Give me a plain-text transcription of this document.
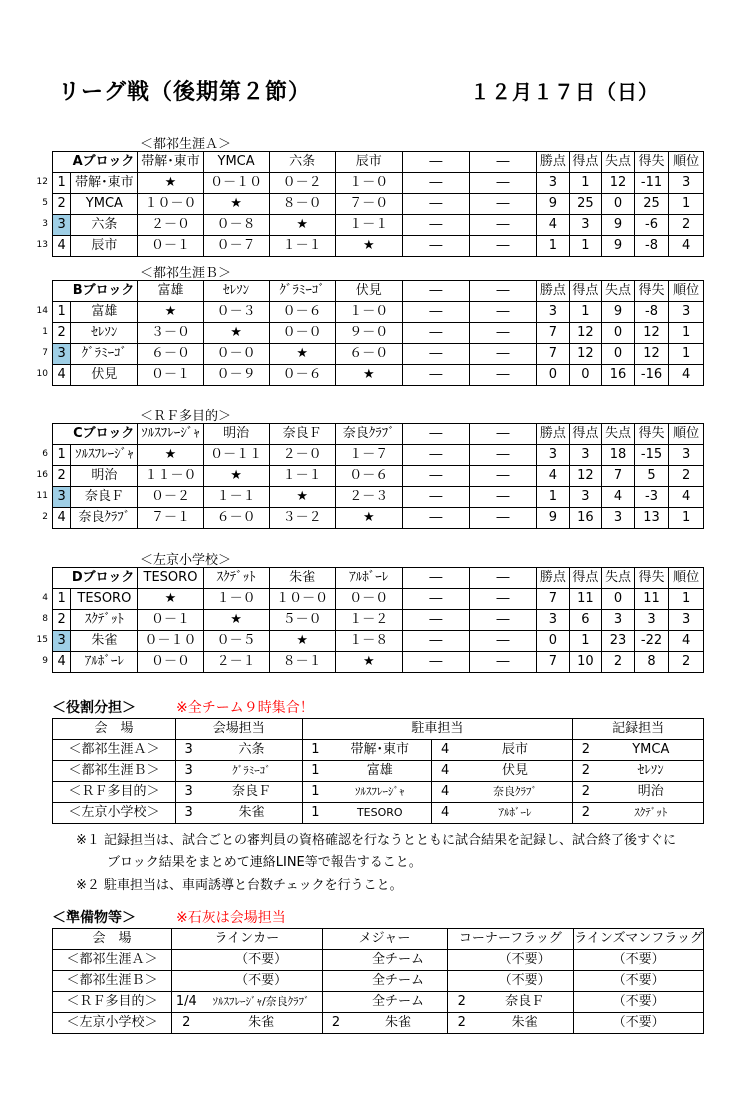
リーグ戦（後期第２節）	１２月１７日（日）
＜都祁生涯Ａ＞
Aブロック		帯解･東市	YMCA	六条	辰市	―	―	勝点	得点	失点	得失	順位
1	帯解･東市	★	０－１０	０－２	１－０	―	―	3	1	12	-11	3
2	YMCA	１０－０	★	８－０	７－０	―	―	9	25	0	25	1
3	六条	２－０	０－８	★	１－１	―	―	4	3	9	-6	2
4	辰市	０－１	０－７	１－１	★	―	―	1	1	9	-8	4
12
5
3
13
＜都祁生涯Ｂ＞
Bブロック		富雄	ｾﾚｿﾝ	ｸﾞﾗﾐｰｺﾞ	伏見	―	―	勝点	得点	失点	得失	順位
1	富雄	★	０－３	０－６	１－０	―	―	3	1	9	-8	3
2	ｾﾚｿﾝ	３－０	★	０－０	９－０	―	―	7	12	0	12	1
3	ｸﾞﾗﾐｰｺﾞ	６－０	０－０	★	６－０	―	―	7	12	0	12	1
4	伏見	０－１	０－９	０－６	★	―	―	0	0	16	-16	4
14
1
7
10
＜ＲＦ多目的＞
Cブロック		ｿﾙｽﾌﾚｰｼﾞｬ	明治	奈良Ｆ	奈良ｸﾗﾌﾞ	―	―	勝点	得点	失点	得失	順位
1	ｿﾙｽﾌﾚｰｼﾞｬ	★	０－１１	２－０	１－７	―	―	3	3	18	-15	3
2	明治	１１－０	★	１－１	０－６	―	―	4	12	7	5	2
3	奈良Ｆ	０－２	１－１	★	２－３	―	―	1	3	4	-3	4
4	奈良ｸﾗﾌﾞ	７－１	６－０	３－２	★	―	―	9	16	3	13	1
6
16
11
2
＜左京小学校＞
Dブロック		TESORO	ｽｸﾃﾞｯﾄ	朱雀	ｱﾙﾎﾞｰﾚ	―	―	勝点	得点	失点	得失	順位
1	TESORO	★	１－０	１０－０	０－０	―	―	7	11	0	11	1
2	ｽｸﾃﾞｯﾄ	０－１	★	５－０	１－２	―	―	3	6	3	3	3
3	朱雀	０－１０	０－５	★	１－８	―	―	0	1	23	-22	4
4	ｱﾙﾎﾞｰﾚ	０－０	２－１	８－１	★	―	―	7	10	2	8	2
4
8
15
9
＜役割分担＞	※全チーム９時集合！
会　場	会場担当		駐車担当				記録担当	
＜都祁生涯Ａ＞	3	六条	1	帯解･東市	4	辰市	2	YMCA
＜都祁生涯Ｂ＞	3	ｸﾞﾗﾐｰｺﾞ	1	富雄	4	伏見	2	ｾﾚｿﾝ
＜ＲＦ多目的＞	3	奈良Ｆ	1	ｿﾙｽﾌﾚｰｼﾞｬ	4	奈良ｸﾗﾌﾞ	2	明治
＜左京小学校＞	3	朱雀	1	TESORO	4	ｱﾙﾎﾞｰﾚ	2	ｽｸﾃﾞｯﾄ
※１ 記録担当は、試合ごとの審判員の資格確認を行なうとともに試合結果を記録し、試合終了後すぐに
ブロック結果をまとめて連絡LINE等で報告すること。
※２ 駐車担当は、車両誘導と台数チェックを行うこと。
＜準備物等＞	※石灰は会場担当
会　場	ラインカー		メジャー		コーナーフラッグ		ラインズマンフラッグ
＜都祁生涯Ａ＞		（不要）		全チーム		（不要）	（不要）
＜都祁生涯Ｂ＞		（不要）		全チーム		（不要）	（不要）
＜ＲＦ多目的＞	1/4	ｿﾙｽﾌﾚｰｼﾞｬ/奈良ｸﾗﾌﾞ		全チーム	2	奈良Ｆ	（不要）
＜左京小学校＞	2	朱雀	2	朱雀	2	朱雀	（不要）
